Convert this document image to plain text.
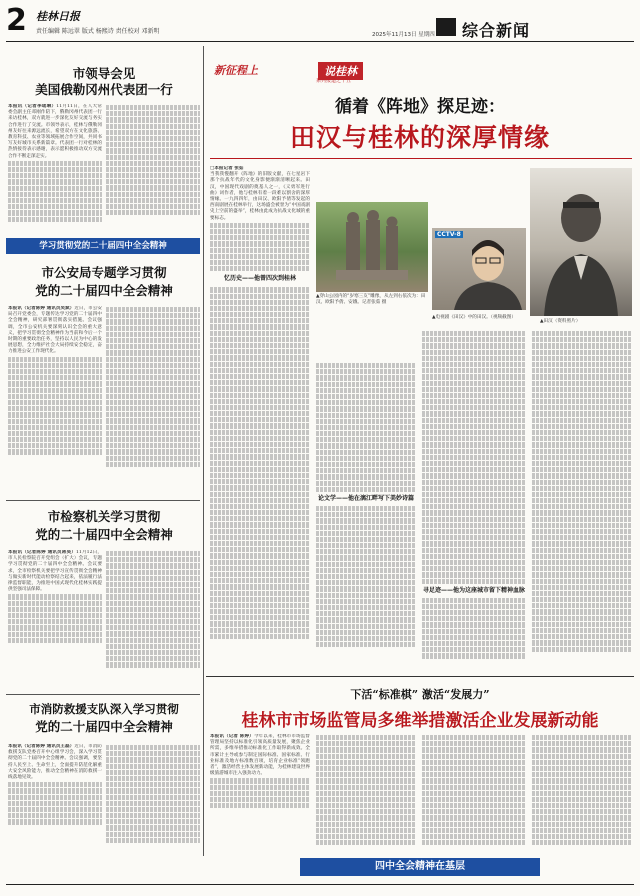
2 桂林日报
责任编辑 陈远翠 版式 杨熙诗 责任校对 邓新明	2025年11月13日 星期四 综合新闻
市领导会见
美国俄勒冈州代表团一行
本报讯（记者李瑶琳）11月11日，在人大常委会副主任邓刚作陪下，俄勒冈州代表团一行来访桂林，双方就进一步深化友好交流与务实合作进行了交流。市领导表示，桂林与俄勒冈州友好往来源远流长，希望双方在文化旅游、教育科技、农业等领域拓展合作空间，共同书写友好城市关系新篇章。代表团一行对桂林的热情接待表示感谢，表示愿积极推动双方交流合作不断走深走实。
学习贯彻党的二十届四中全会精神
市公安局专题学习贯彻
党的二十届四中全会精神
本报讯（记者陈婷 通讯员吴斌）近日，市公安局召开党委会，专题传达学习党的二十届四中全会精神，研究部署贯彻落实措施。会议强调，全市公安机关要深刻认识全会的重大意义，把学习贯彻全会精神作为当前和今后一个时期的重要政治任务，坚持以人民为中心的发展思想，全力维护社会大局持续安全稳定，奋力推进公安工作现代化。
市检察机关学习贯彻
党的二十届四中全会精神
本报讯（记者陈婷 通讯员蒋昊）11月12日，市人民检察院召开党组会（扩大）会议，专题学习贯彻党的二十届四中全会精神。会议要求，全市检察机关要把学习宣传贯彻全会精神与做实新时代能动检察结合起来，依法履行法律监督职能，为推进中国式现代化桂林实践提供坚强司法保障。
市消防救援支队深入学习贯彻
党的二十届四中全会精神
本报讯（记者陈婷 通讯员王磊）近日，市消防救援支队党委召开中心组学习会，深入学习贯彻党的二十届四中全会精神。会议强调，要坚持人民至上、生命至上，全面提升防范化解重大安全风险能力，推动全会精神在消防救援一线落地见效。
新征程上	说桂林
系列报道之十五
循着《阵地》探足迹：
田汉与桂林的深厚情缘
▲田汉（资料照片）
▲穿山公园内的“岁寒三友”雕像，从左到右依次为：田汉、欧阳予倩、安娥。记者张茹 摄
CCTV-8
▲电视剧《田汉》中的田汉。（视频截图）
□本报记者 张茹
当我我慢翻开《阵地》的旧版文献，在七星岩下那个抗战年代的文化身影便渐渐清晰起来。田汉，中国现代戏剧的奠基人之一，《义勇军进行曲》词作者，他与桂林有着一段难以割舍的深厚情缘。一九四四年，由田汉、欧阳予倩等发起的西南剧展在桂林举行，这场盛会被誉为“中国戏剧史上空前的盛举”，桂林由此成为抗战文化城的重要标志。
忆历史——他曾四次到桂林
论文学——他在漓江畔写下美妙诗篇
寻足迹——他为这座城市留下精神血脉
下活“标准棋” 激活“发展力”
桂林市市场监管局多维举措激活企业发展新动能
本报讯（记者 陈婷）今年以来，桂林市市场监督管理局坚持以标准化引领高质量发展，聚焦企业所需，多维举措推动标准化工作取得新成效。全市累计主导或参与制定国际标准、国家标准、行业标准及地方标准数百项，培育企业标准“领跑者”，激活经营主体发展新动能，为桂林建设世界级旅游城市注入强劲动力。
四中全会精神在基层
